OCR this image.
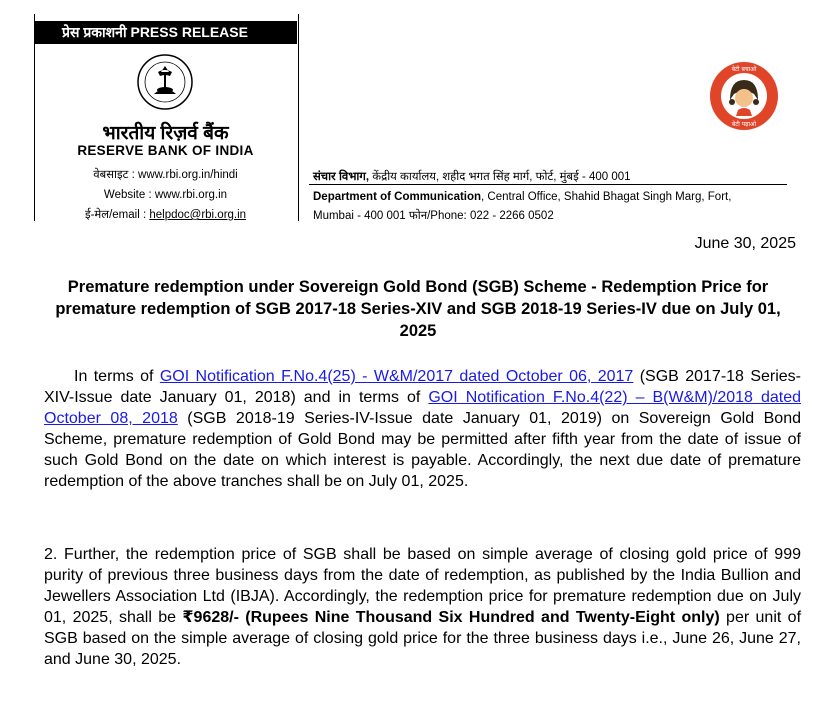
प्रेस प्रकाशनी PRESS RELEASE
भारतीय रिज़र्व बैंक
RESERVE BANK OF INDIA
वेबसाइट : www.rbi.org.in/hindi
Website : www.rbi.org.in
ई-मेल/email : helpdoc@rbi.org.in
संचार विभाग, केंद्रीय कार्यालय, शहीद भगत सिंह मार्ग, फोर्ट, मुंबई - 400 001
Department of Communication, Central Office, Shahid Bhagat Singh Marg, Fort,
Mumbai - 400 001 फोन/Phone: 022 - 2266 0502
बेटी बचाओ
बेटी पढ़ाओ
June 30, 2025
Premature redemption under Sovereign Gold Bond (SGB) Scheme - Redemption Price for premature redemption of SGB 2017-18 Series-XIV and SGB 2018-19 Series-IV due on July 01, 2025
In terms of GOI Notification F.No.4(25) - W&M/2017 dated October 06, 2017 (SGB 2017-18 Series-XIV-Issue date January 01, 2018) and in terms of GOI Notification F.No.4(22) – B(W&M)/2018 dated October 08, 2018 (SGB 2018-19 Series-IV-Issue date January 01, 2019) on Sovereign Gold Bond Scheme, premature redemption of Gold Bond may be permitted after fifth year from the date of issue of such Gold Bond on the date on which interest is payable. Accordingly, the next due date of premature redemption of the above tranches shall be on July 01, 2025.
2. Further, the redemption price of SGB shall be based on simple average of closing gold price of 999 purity of previous three business days from the date of redemption, as published by the India Bullion and Jewellers Association Ltd (IBJA). Accordingly, the redemption price for premature redemption due on July 01, 2025, shall be ₹9628/- (Rupees Nine Thousand Six Hundred and Twenty-Eight only) per unit of SGB based on the simple average of closing gold price for the three business days i.e., June 26, June 27, and June 30, 2025.
